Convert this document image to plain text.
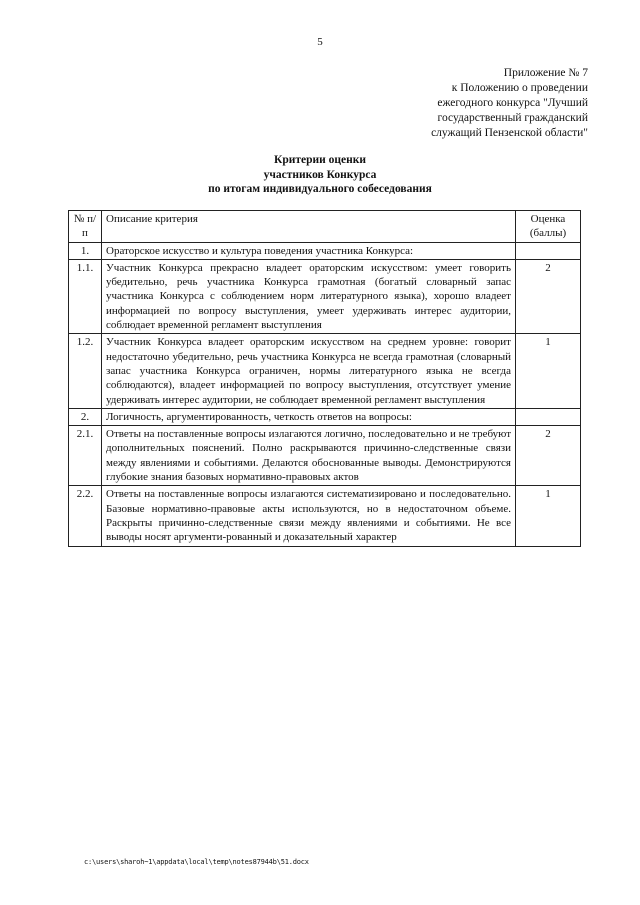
5
Приложение № 7
к Положению о проведении
ежегодного конкурса "Лучший
государственный гражданский
служащий Пензенской области"
Критерии оценки
участников Конкурса
по итогам индивидуального собеседования
№ п/п	Описание критерия	Оценка (баллы)
1.	Ораторское искусство и культура поведения участника Конкурса:	
1.1.	Участник Конкурса прекрасно владеет ораторским искусством: умеет говорить убедительно, речь участника Конкурса грамотная (богатый словарный запас участника Конкурса с соблюдением норм литературного языка), хорошо владеет информацией по вопросу выступления, умеет удерживать интерес аудитории, соблюдает временной регламент выступления	2
1.2.	Участник Конкурса владеет ораторским искусством на среднем уровне: говорит недостаточно убедительно, речь участника Конкурса не всегда грамотная (словарный запас участника Конкурса ограничен, нормы литературного языка не всегда соблюдаются), владеет информацией по вопросу выступления, отсутствует умение удерживать интерес аудитории, не соблюдает временной регламент выступления	1
2.	Логичность, аргументированность, четкость ответов на вопросы:	
2.1.	Ответы на поставленные вопросы излагаются логично, последовательно и не требуют дополнительных пояснений. Полно раскрываются причинно-следственные связи между явлениями и событиями. Делаются обоснованные выводы. Демонстрируются глубокие знания базовых нормативно-правовых актов	2
2.2.	Ответы на поставленные вопросы излагаются систематизировано и последовательно. Базовые нормативно-правовые акты используются, но в недостаточном объеме. Раскрыты причинно-следственные связи между явлениями и событиями. Не все выводы носят аргументи-рованный и доказательный характер	1
c:\users\sharoh~1\appdata\local\temp\notes87944b\51.docx
